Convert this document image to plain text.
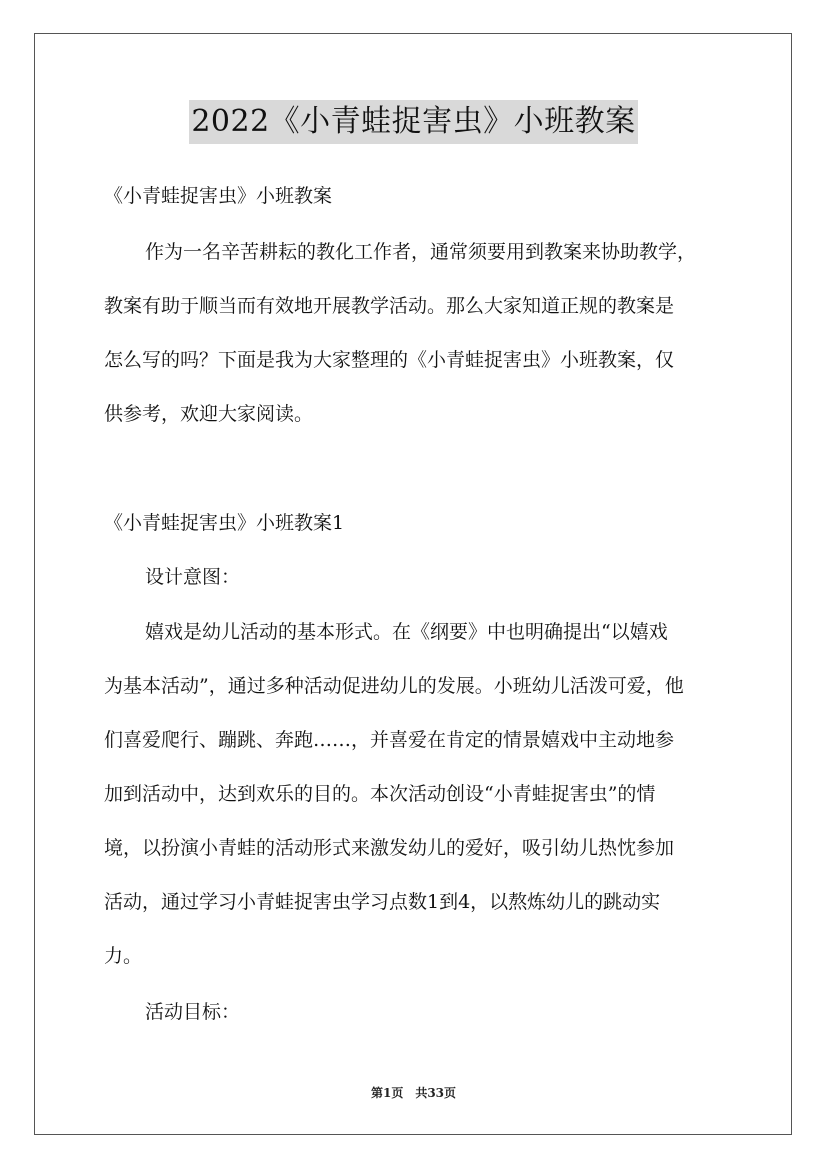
2022《小青蛙捉害虫》小班教案
《小青蛙捉害虫》小班教案
作为一名辛苦耕耘的教化工作者，通常须要用到教案来协助教学，
教案有助于顺当而有效地开展教学活动。那么大家知道正规的教案是
怎么写的吗？下面是我为大家整理的《小青蛙捉害虫》小班教案，仅
供参考，欢迎大家阅读。
《小青蛙捉害虫》小班教案1
设计意图：
嬉戏是幼儿活动的基本形式。在《纲要》中也明确提出“以嬉戏
为基本活动”，通过多种活动促进幼儿的发展。小班幼儿活泼可爱，他
们喜爱爬行、蹦跳、奔跑……，并喜爱在肯定的情景嬉戏中主动地参
加到活动中，达到欢乐的目的。本次活动创设“小青蛙捉害虫”的情
境，以扮演小青蛙的活动形式来激发幼儿的爱好，吸引幼儿热忱参加
活动，通过学习小青蛙捉害虫学习点数1到4，以熬炼幼儿的跳动实
力。
活动目标：
第1页　共33页
